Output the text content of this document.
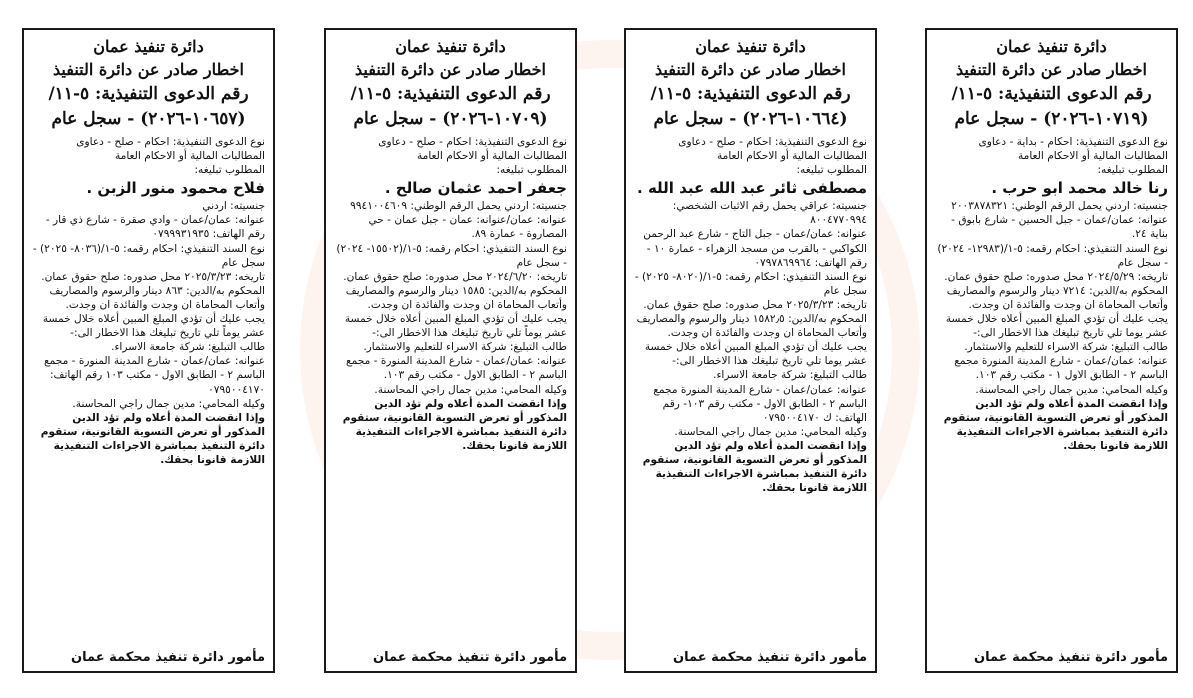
دائرة تنفيذ عمان
اخطار صادر عن دائرة التنفيذ
رقم الدعوى التنفيذية: ٥-١١/
(١٠٦٥٧-٢٠٢٦) - سجل عام

نوع الدعوى التنفيذية: احكام - صلح - دعاوى المطالبات المالية أو الاحكام العامة

المطلوب تبليغه:

فلاح محمود منور الزبن .

جنسيته: اردني

عنوانه: عمان/عمان - وادي صقرة - شارع ذي قار - رقم الهاتف: ٠٧٩٩٩٣١٩٣٥

نوع السند التنفيذي: احكام رقمه: ٥-١/(٨٠٣٦- ٢٠٢٥) - سجل عام

تاريخه: ٢٠٢٥/٣/٢٣ محل صدوره: صلح حقوق عمان.

المحكوم به/الدين: ٨٦٣ دينار والرسوم والمصاريف وأتعاب المحاماة ان وجدت والفائدة ان وجدت.

يجب عليك أن تؤدي المبلغ المبين أعلاه خلال خمسة عشر يوماً تلي تاريخ تبليغك هذا الاخطار الى:-

طالب التبليغ: شركة جامعة الاسراء.

عنوانه: عمان/عمان - شارع المدينة المنورة - مجمع الباسم ٢ - الطابق الاول - مكتب ١٠٣ رقم الهاتف: ٠٧٩٥٠٠٤١٧٠

وكيله المحامي: مدين جمال راجي المحاسنة.

وإذا انقضت المدة أعلاه ولم تؤد الدين المذكور أو تعرض التسوية القانونية، ستقوم دائرة التنفيذ بمباشرة الاجراءات التنفيذية اللازمة قانونا بحقك.

مأمور دائرة تنفيذ محكمة عمان
دائرة تنفيذ عمان
اخطار صادر عن دائرة التنفيذ
رقم الدعوى التنفيذية: ٥-١١/
(١٠٧٠٩-٢٠٢٦) - سجل عام

نوع الدعوى التنفيذية: احكام - صلح - دعاوى المطالبات المالية أو الاحكام العامة

المطلوب تبليغه:

جعفر احمد عثمان صالح .

جنسيته: اردني يحمل الرقم الوطني: ٩٩٤١٠٠٤٦٠٩

عنوانه: عمان/عنوانه: عمان - جبل عمان - حي المصاروة - عمارة ٨٩.

نوع السند التنفيذي: احكام رقمه: ٥-١/(١٥٥٠٢- ٢٠٢٤) - سجل عام

تاريخه: ٢٠٢٤/٦/٢٠ محل صدوره: صلح حقوق عمان.

المحكوم به/الدين: ١٥٨٥ دينار والرسوم والمصاريف وأتعاب المحاماة ان وجدت والفائدة ان وجدت.

يجب عليك أن تؤدي المبلغ المبين أعلاه خلال خمسة عشر يوماً تلي تاريخ تبليغك هذا الاخطار الى:-

طالب التبليغ: شركة الاسراء للتعليم والاستثمار.

عنوانه: عمان/عمان - شارع المدينة المنورة - مجمع الباسم ٢ - الطابق الاول - مكتب رقم ١٠٣.

وكيله المحامي: مدين جمال راجي المحاسنة.

وإذا انقضت المدة أعلاه ولم تؤد الدين المذكور أو تعرض التسوية القانونية، ستقوم دائرة التنفيذ بمباشرة الاجراءات التنفيذية اللازمة قانونا بحقك.

مأمور دائرة تنفيذ محكمة عمان
دائرة تنفيذ عمان
اخطار صادر عن دائرة التنفيذ
رقم الدعوى التنفيذية: ٥-١١/
(١٠٦٦٤-٢٠٢٦) - سجل عام

نوع الدعوى التنفيذية: احكام - صلح - دعاوى المطالبات المالية أو الاحكام العامة

المطلوب تبليغه:

مصطفى ثائر عبد الله عبد الله .

جنسيته: عراقي يحمل رقم الاثبات الشخصي: ٨٠٠٤٧٧٠٩٩٤

عنوانه: عمان/عمان - جبل التاج - شارع عبد الرحمن الكواكبي - بالقرب من مسجد الزهراء - عمارة ١٠ - رقم الهاتف: ٠٧٩٧٨٦٩٩٦٤

نوع السند التنفيذي: احكام رقمه: ٥-١/(٨٠٢٠- ٢٠٢٥) - سجل عام

تاريخه: ٢٠٢٥/٣/٢٣ محل صدوره: صلح حقوق عمان.

المحكوم به/الدين: ١٥٨٢٫٥ دينار والرسوم والمصاريف وأتعاب المحاماة ان وجدت والفائدة ان وجدت.

يجب عليك أن تؤدي المبلغ المبين أعلاه خلال خمسة عشر يوما تلي تاريخ تبليغك هذا الاخطار الى:-

طالب التبليغ: شركة جامعة الاسراء.

عنوانه: عمان/عمان - شارع المدينة المنورة مجمع الباسم ٢ - الطابق الاول - مكتب رقم ١٠٣- رقم الهاتف: ك ٠٧٩٥٠٠٤١٧٠

وكيله المحامي: مدين جمال راجي المحاسنة.

وإذا انقضت المدة أعلاه ولم تؤد الدين المذكور أو تعرض التسوية القانونية، ستقوم دائرة التنفيذ بمباشرة الاجراءات التنفيذية اللازمة قانونا بحقك.

مأمور دائرة تنفيذ محكمة عمان
دائرة تنفيذ عمان
اخطار صادر عن دائرة التنفيذ
رقم الدعوى التنفيذية: ٥-١١/
(١٠٧١٩-٢٠٢٦) - سجل عام

نوع الدعوى التنفيذية: احكام - بداية - دعاوى المطالبات المالية أو الاحكام العامة

المطلوب تبليغه:

رنا خالد محمد ابو حرب .

جنسيته: اردني يحمل الرقم الوطني: ٢٠٠٣٨٧٨٣٢١

عنوانه: عمان/عمان - جبل الحسين - شارع بابوق - بناية ٢٤.

نوع السند التنفيذي: احكام رقمه: ٥-١/(١٢٩٨٣- ٢٠٢٤) - سجل عام

تاريخه: ٢٠٢٤/٥/٢٩ محل صدوره: صلح حقوق عمان.

المحكوم به/الدين: ٧٢١٤ دينار والرسوم والمصاريف وأتعاب المحاماة ان وجدت والفائدة ان وجدت.

يجب عليك أن تؤدي المبلغ المبين أعلاه خلال خمسة عشر يوما تلي تاريخ تبليغك هذا الاخطار الى:-

طالب التبليغ: شركة الاسراء للتعليم والاستثمار.

عنوانه: عمان/عمان - شارع المدينة المنورة مجمع الباسم ٢ - الطابق الاول ١ - مكتب رقم ١٠٣.

وكيله المحامي: مدين جمال راجي المحاسنة.

وإذا انقضت المدة أعلاه ولم تؤد الدين المذكور أو تعرض التسوية القانونية، ستقوم دائرة التنفيذ بمباشرة الاجراءات التنفيذية اللازمة قانونا بحقك.

مأمور دائرة تنفيذ محكمة عمان
